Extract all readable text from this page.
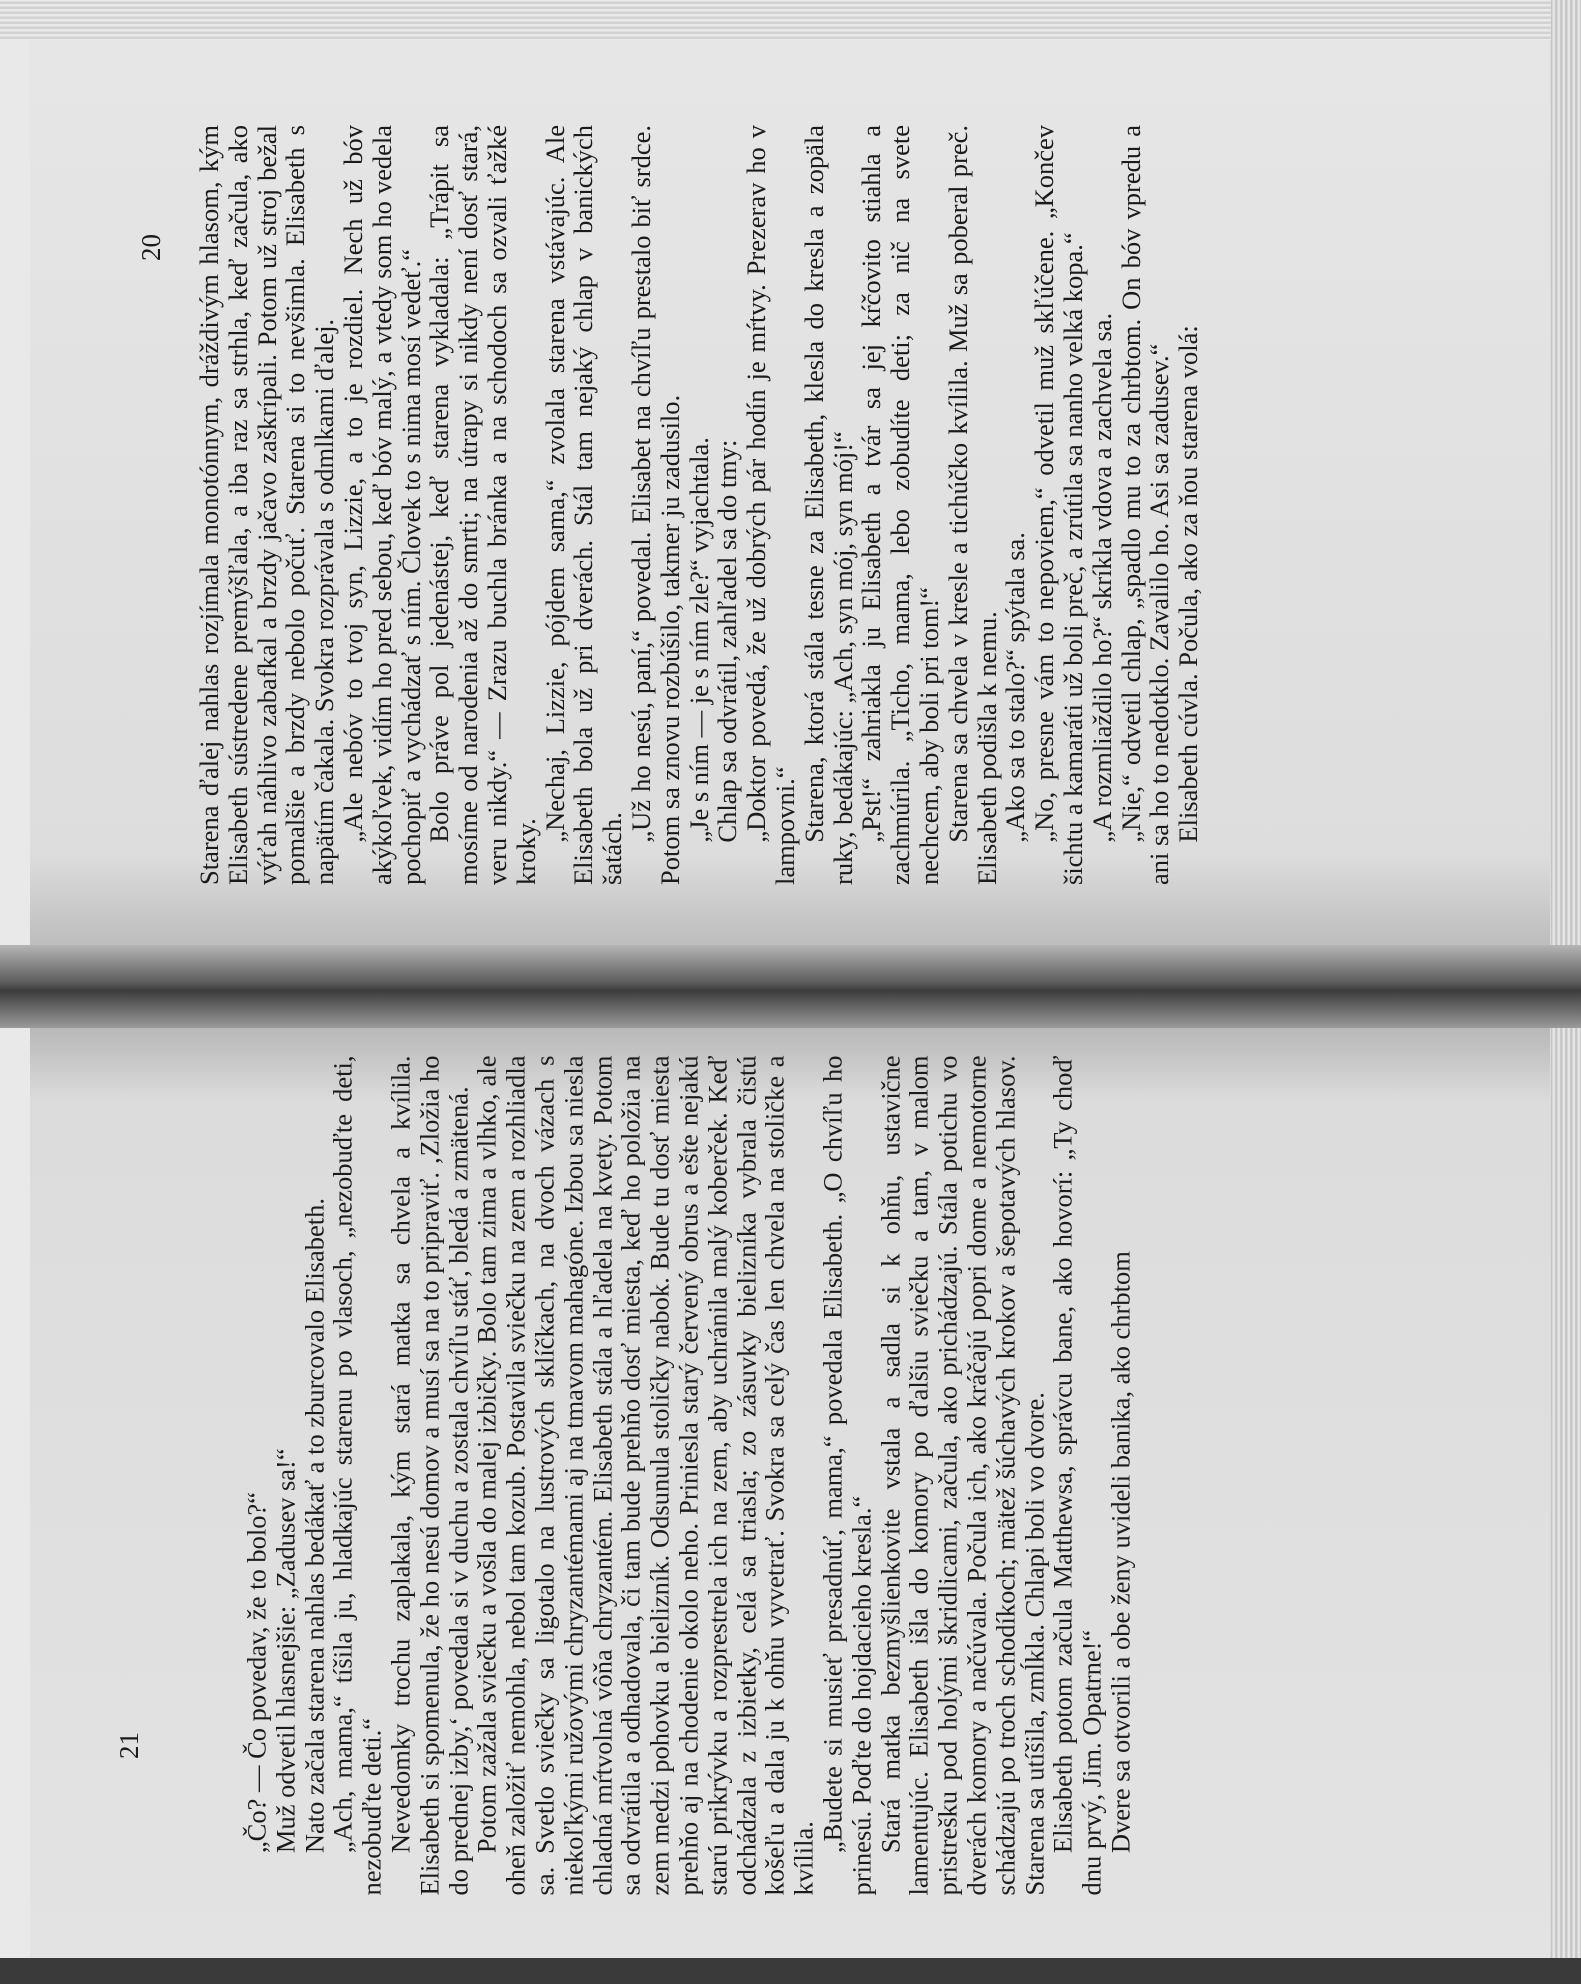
Starena ďalej nahlas rozjímala monotónnym, dráždivým hlasom, kým Elisabeth sústredene premýšľala, a iba raz sa strhla, keď začula, ako výťah náhlivo zabafkal a brzdy jačavo zaškrípali. Potom už stroj bežal pomalšie a brzdy nebolo počuť. Starena si to nevšimla. Elisabeth s napätím čakala. Svokra rozprávala s odmlkami ďalej.

„Ale nebóv to tvoj syn, Lizzie, a to je rozdiel. Nech už bóv akýkoľvek, vidím ho pred sebou, keď bóv malý, a vtedy som ho vedela pochopiť a vychádzať s ním. Človek to s nima mosí vedeť.“

Bolo práve pol jedenástej, keď starena vykladala: „Trápit sa mosíme od narodenia až do smrti; na útrapy si nikdy není dosť stará, veru nikdy.“ — Zrazu buchla bránka a na schodoch sa ozvali ťažké kroky.

„Nechaj, Lizzie, pójdem sama,“ zvolala starena vstávajúc. Ale Elisabeth bola už pri dverách. Stál tam nejaký chlap v banických šatách.

„Už ho nesú, paní,“ povedal. Elisabet na chvíľu prestalo biť srdce. Potom sa znovu rozbúšilo, takmer ju zadusilo.

„Je s ním — je s ním zle?“ vyjachtala.

Chlap sa odvrátil, zahľadel sa do tmy:

„Doktor povedá, že už dobrých pár hodín je mŕtvy. Prezerav ho v lampovni.“

Starena, ktorá stála tesne za Elisabeth, klesla do kresla a zopäla ruky, bedákajúc: „Ach, syn mój, syn mój!“

„Pst!“ zahriakla ju Elisabeth a tvár sa jej kŕčovito stiahla a zachmúrila. „Ticho, mama, lebo zobudíte deti; za nič na svete nechcem, aby boli pri tom!“

Starena sa chvela v kresle a tichúčko kvílila. Muž sa poberal preč. Elisabeth podišla k nemu.

„Ako sa to stalo?“ spýtala sa.

„No, presne vám to nepoviem,“ odvetil muž skľúčene. „Končev šichtu a kamaráti už boli preč, a zrútila sa nanho velká kopa.“

„A rozmliaždilo ho?“ skríkla vdova a zachvela sa.

„Nie,“ odvetil chlap, „spadlo mu to za chrbtom. On bóv vpredu a ani sa ho to nedotklo. Zavalilo ho. Asi sa zadusev.“

Elisabeth cúvla. Počula, ako za ňou starena volá:

20

„Čo? — Čo povedav, že to bolo?“

Muž odvetil hlasnejšie: „Zadusev sa!“

Nato začala starena nahlas bedákať a to zburcovalo Elisabeth.

„Ach, mama,“ tíšila ju, hladkajúc starenu po vlasoch, „nezobuďte deti, nezobuďte deti.“

Nevedomky trochu zaplakala, kým stará matka sa chvela a kvílila. Elisabeth si spomenula, že ho nesú domov a musí sa na to pripraviť. ‚Zložia ho do prednej izby,‘ povedala si v duchu a zostala chvíľu stáť, bledá a zmätená.

Potom zažala sviečku a vošla do malej izbičky. Bolo tam zima a vlhko, ale oheň založiť nemohla, nebol tam kozub. Postavila sviečku na zem a rozhliadla sa. Svetlo sviečky sa ligotalo na lustrových sklíčkach, na dvoch vázach s niekoľkými ružovými chryzantémami aj na tmavom mahagóne. Izbou sa niesla chladná mŕtvolná vôňa chryzantém. Elisabeth stála a hľadela na kvety. Potom sa odvrátila a odhadovala, či tam bude prehňo dosť miesta, keď ho položia na zem medzi pohovku a bielizník. Odsunula stoličky nabok. Bude tu dosť miesta prehňo aj na chodenie okolo neho. Priniesla starý červený obrus a ešte nejakú starú prikrývku a rozprestrela ich na zem, aby uchránila malý koberček. Keď odchádzala z izbietky, celá sa triasla; zo zásuvky bielizníka vybrala čistú košeľu a dala ju k ohňu vyvetrať. Svokra sa celý čas len chvela na stoličke a kvílila.

„Budete si musieť presadnúť, mama,“ povedala Elisabeth. „O chvíľu ho prinesú. Poďte do hojdacieho kresla.“

Stará matka bezmyšlienkovite vstala a sadla si k ohňu, ustavične lamentujúc. Elisabeth išla do komory po ďalšiu sviečku a tam, v malom pristrešku pod holými škridlicami, začula, ako prichádzajú. Stála potichu vo dverách komory a načúvala. Počula ich, ako kráčajú popri dome a nemotorne schádzajú po troch schodíkoch; mätež šúchavých krokov a šepotavých hlasov. Starena sa utíšila, zmĺkla. Chlapi boli vo dvore.

Elisabeth potom začula Matthewsa, správcu bane, ako hovorí: „Ty choď dnu prvý, Jim. Opatrne!“

Dvere sa otvorili a obe ženy uvideli banika, ako chrbtom

21
